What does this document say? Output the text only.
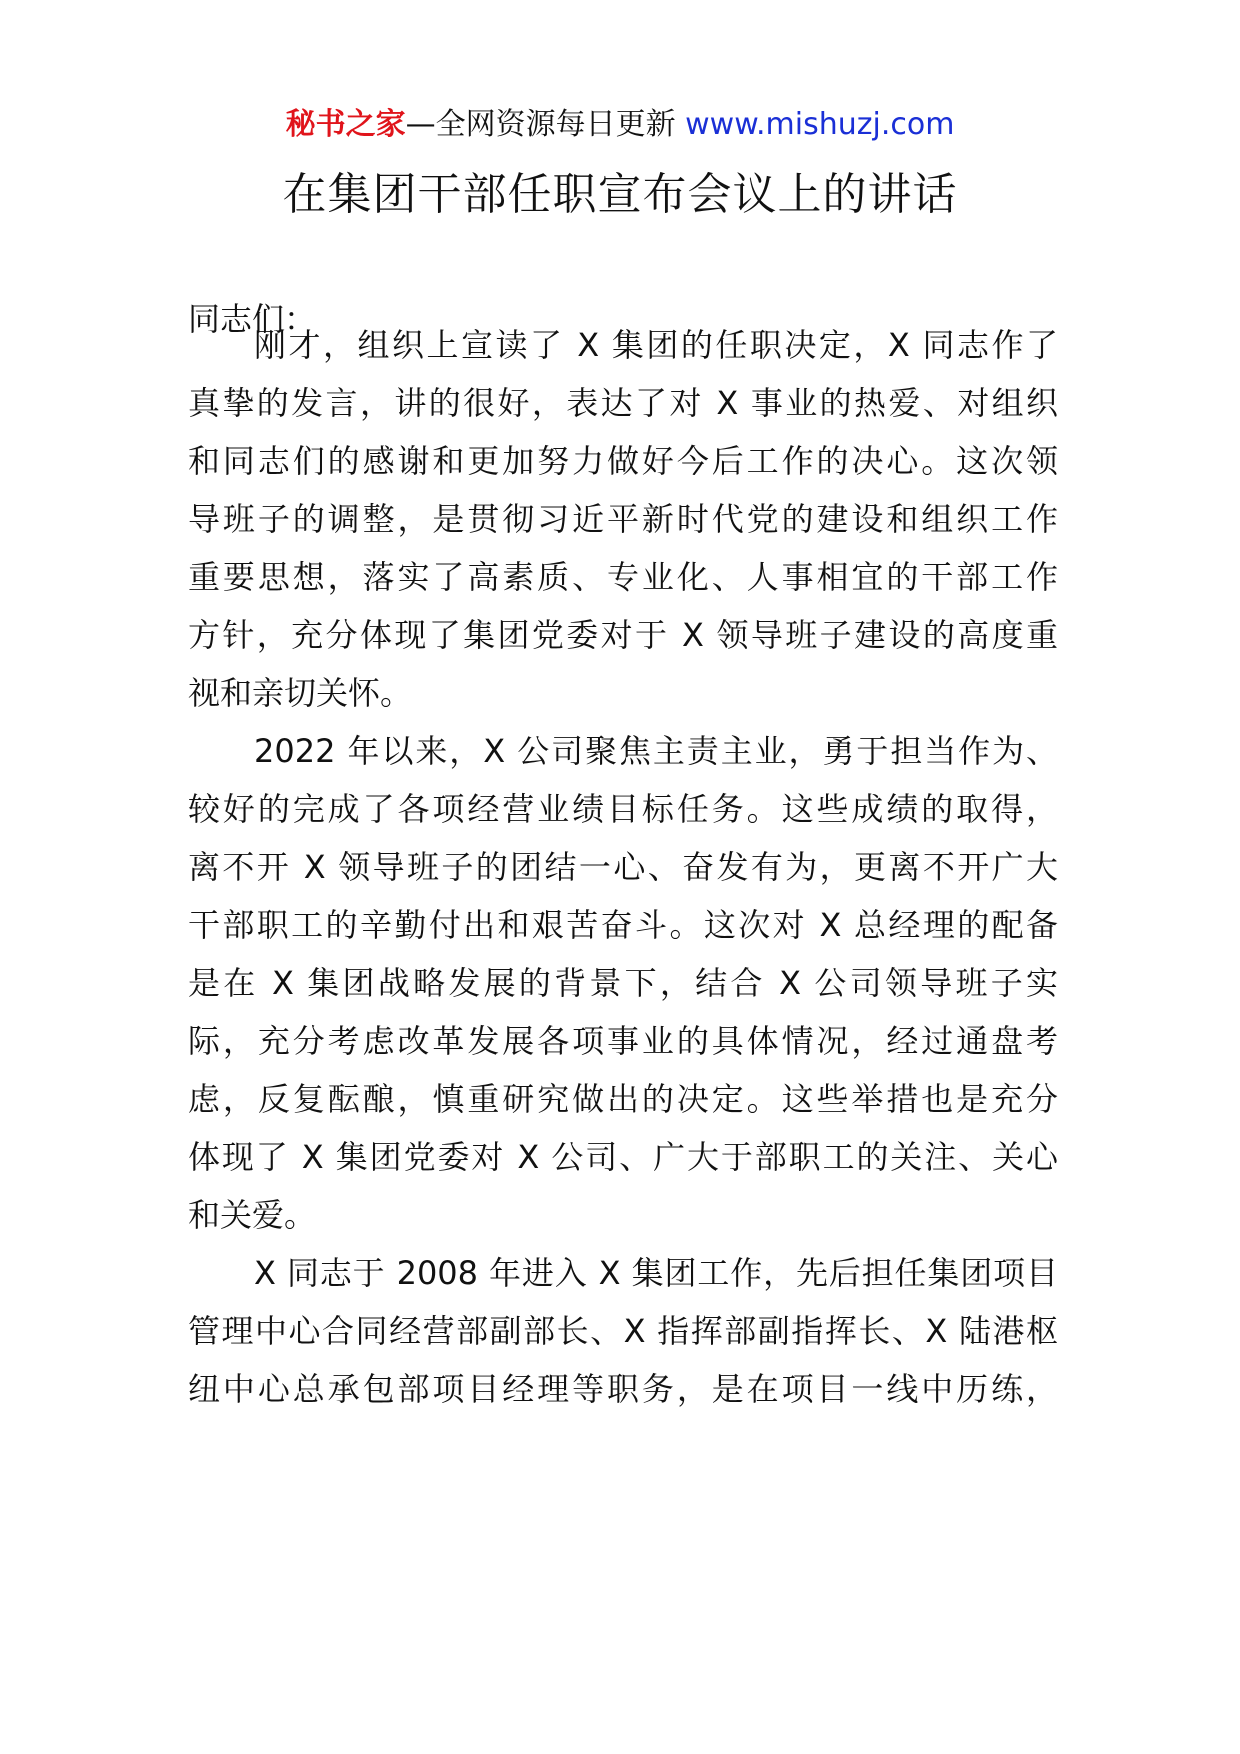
秘书之家—全网资源每日更新 www.mishuzj.com
在集团干部任职宣布会议上的讲话
同志们：
刚才，组织上宣读了 X 集团的任职决定，X 同志作了
真挚的发言，讲的很好，表达了对 X 事业的热爱、对组织
和同志们的感谢和更加努力做好今后工作的决心。这次领
导班子的调整，是贯彻习近平新时代党的建设和组织工作
重要思想，落实了高素质、专业化、人事相宜的干部工作
方针，充分体现了集团党委对于 X 领导班子建设的高度重
视和亲切关怀。
2022 年以来，X 公司聚焦主责主业，勇于担当作为、
较好的完成了各项经营业绩目标任务。这些成绩的取得，
离不开 X 领导班子的团结一心、奋发有为，更离不开广大
干部职工的辛勤付出和艰苦奋斗。这次对 X 总经理的配备
是在 X 集团战略发展的背景下，结合 X 公司领导班子实
际，充分考虑改革发展各项事业的具体情况，经过通盘考
虑，反复酝酿，慎重研究做出的决定。这些举措也是充分
体现了 X 集团党委对 X 公司、广大于部职工的关注、关心
和关爱。
X 同志于 2008 年进入 X 集团工作，先后担任集团项目
管理中心合同经营部副部长、X 指挥部副指挥长、X 陆港枢
纽中心总承包部项目经理等职务，是在项目一线中历练，
